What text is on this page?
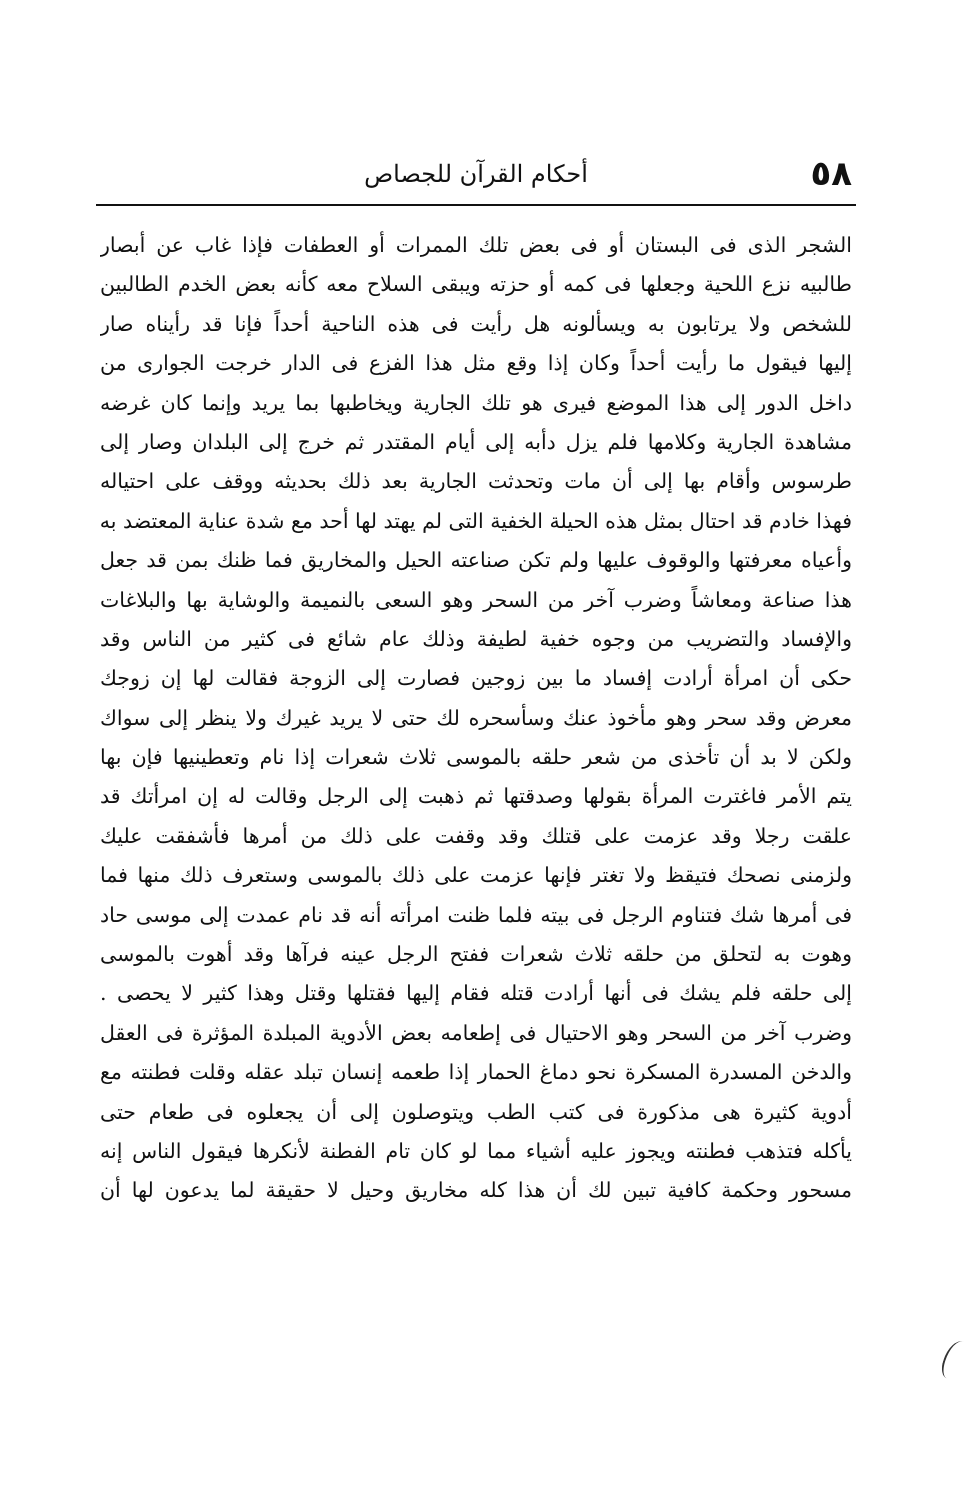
٥٨
أحكام القرآن للجصاص
الشجر الذى فى البستان أو فى بعض تلك الممرات أو العطفات فإذا غاب عن أبصار
طالبيه نزع اللحية وجعلها فى كمه أو حزته ويبقى السلاح معه كأنه بعض الخدم الطالبين
للشخص ولا يرتابون به ويسألونه هل رأيت فى هذه الناحية أحداً فإنا قد رأيناه صار
إليها فيقول ما رأيت أحداً وكان إذا وقع مثل هذا الفزع فى الدار خرجت الجوارى من
داخل الدور إلى هذا الموضع فيرى هو تلك الجارية ويخاطبها بما يريد وإنما كان غرضه
مشاهدة الجارية وكلامها فلم يزل دأبه إلى أيام المقتدر ثم خرج إلى البلدان وصار إلى
طرسوس وأقام بها إلى أن مات وتحدثت الجارية بعد ذلك بحديثه ووقف على احتياله
فهذا خادم قد احتال بمثل هذه الحيلة الخفية التى لم يهتد لها أحد مع شدة عناية المعتضد به
وأعياه معرفتها والوقوف عليها ولم تكن صناعته الحيل والمخاريق فما ظنك بمن قد جعل
هذا صناعة ومعاشاً وضرب آخر من السحر وهو السعى بالنميمة والوشاية بها والبلاغات
والإفساد والتضريب من وجوه خفية لطيفة وذلك عام شائع فى كثير من الناس وقد
حكى أن امرأة أرادت إفساد ما بين زوجين فصارت إلى الزوجة فقالت لها إن زوجك
معرض وقد سحر وهو مأخوذ عنك وسأسحره لك حتى لا يريد غيرك ولا ينظر إلى سواك
ولكن لا بد أن تأخذى من شعر حلقه بالموسى ثلاث شعرات إذا نام وتعطينيها فإن بها
يتم الأمر فاغترت المرأة بقولها وصدقتها ثم ذهبت إلى الرجل وقالت له إن امرأتك قد
علقت رجلا وقد عزمت على قتلك وقد وقفت على ذلك من أمرها فأشفقت عليك
ولزمنى نصحك فتيقظ ولا تغتر فإنها عزمت على ذلك بالموسى وستعرف ذلك منها فما
فى أمرها شك فتناوم الرجل فى بيته فلما ظنت امرأته أنه قد نام عمدت إلى موسى حاد
وهوت به لتحلق من حلقه ثلاث شعرات ففتح الرجل عينه فرآها وقد أهوت بالموسى
إلى حلقه فلم يشك فى أنها أرادت قتله فقام إليها فقتلها وقتل وهذا كثير لا يحصى .
وضرب آخر من السحر وهو الاحتيال فى إطعامه بعض الأدوية المبلدة المؤثرة فى العقل
والدخن المسدرة المسكرة نحو دماغ الحمار إذا طعمه إنسان تبلد عقله وقلت فطنته مع
أدوية كثيرة هى مذكورة فى كتب الطب ويتوصلون إلى أن يجعلوه فى طعام حتى
يأكله فتذهب فطنته ويجوز عليه أشياء مما لو كان تام الفطنة لأنكرها فيقول الناس إنه
مسحور وحكمة كافية تبين لك أن هذا كله مخاريق وحيل لا حقيقة لما يدعون لها أن
